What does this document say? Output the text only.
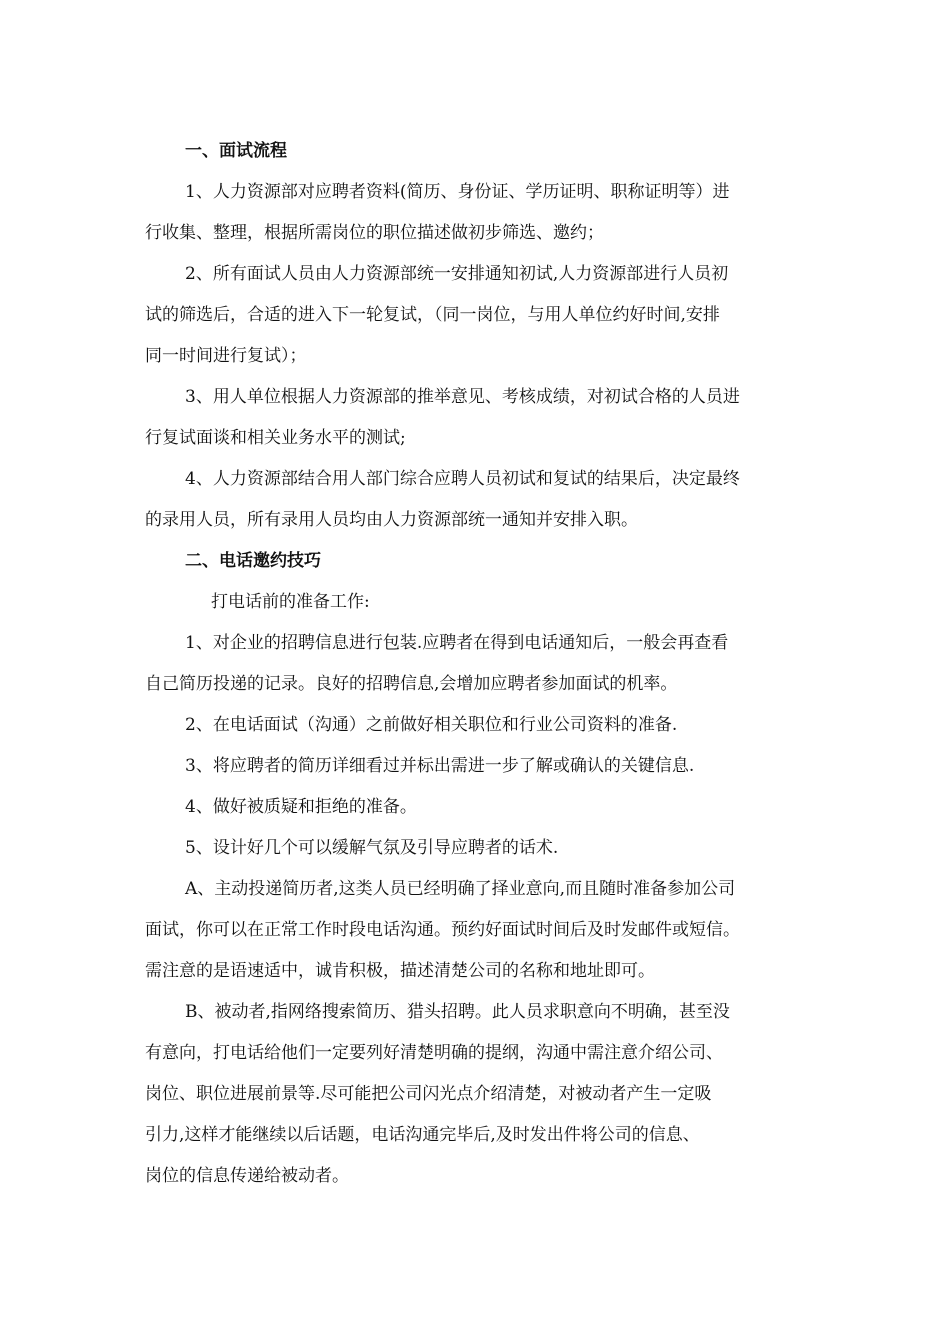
一、面试流程

1、人力资源部对应聘者资料(简历、身份证、学历证明、职称证明等）进
行收集、整理，根据所需岗位的职位描述做初步筛选、邀约；

2、所有面试人员由人力资源部统一安排通知初试,人力资源部进行人员初
试的筛选后，合适的进入下一轮复试，（同一岗位，与用人单位约好时间,安排
同一时间进行复试）；

3、用人单位根据人力资源部的推举意见、考核成绩，对初试合格的人员进
行复试面谈和相关业务水平的测试;

4、人力资源部结合用人部门综合应聘人员初试和复试的结果后，决定最终
的录用人员，所有录用人员均由人力资源部统一通知并安排入职。

二、电话邀约技巧
打电话前的准备工作:

1、对企业的招聘信息进行包装.应聘者在得到电话通知后，一般会再查看
自己简历投递的记录。良好的招聘信息,会增加应聘者参加面试的机率。

2、在电话面试（沟通）之前做好相关职位和行业公司资料的准备.

3、将应聘者的简历详细看过并标出需进一步了解或确认的关键信息.

4、做好被质疑和拒绝的准备。

5、设计好几个可以缓解气氛及引导应聘者的话术.

A、主动投递简历者,这类人员已经明确了择业意向,而且随时准备参加公司
面试，你可以在正常工作时段电话沟通。预约好面试时间后及时发邮件或短信。
需注意的是语速适中，诚肯积极，描述清楚公司的名称和地址即可。

B、被动者,指网络搜索简历、猎头招聘。此人员求职意向不明确，甚至没
有意向，打电话给他们一定要列好清楚明确的提纲，沟通中需注意介绍公司、
岗位、职位进展前景等.尽可能把公司闪光点介绍清楚，对被动者产生一定吸
引力,这样才能继续以后话题，电话沟通完毕后,及时发出件将公司的信息、
岗位的信息传递给被动者。
